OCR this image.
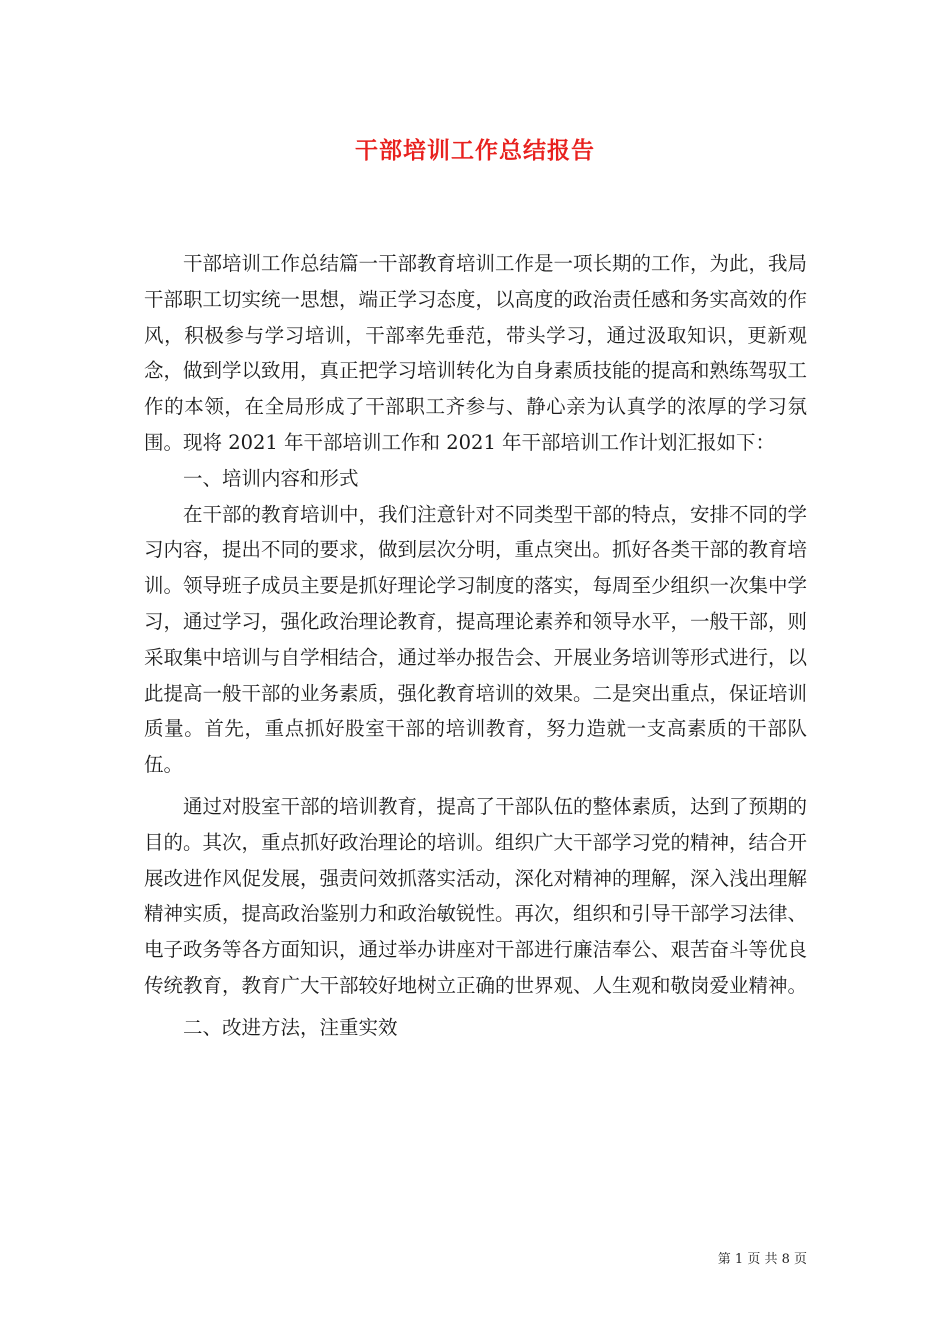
干部培训工作总结报告

干部培训工作总结篇一干部教育培训工作是一项长期的工作，为此，我局干部职工切实统一思想，端正学习态度，以高度的政治责任感和务实高效的作风，积极参与学习培训，干部率先垂范，带头学习，通过汲取知识，更新观念，做到学以致用，真正把学习培训转化为自身素质技能的提高和熟练驾驭工作的本领，在全局形成了干部职工齐参与、静心亲为认真学的浓厚的学习氛围。现将 2021 年干部培训工作和 2021 年干部培训工作计划汇报如下：

一、培训内容和形式

在干部的教育培训中，我们注意针对不同类型干部的特点，安排不同的学习内容，提出不同的要求，做到层次分明，重点突出。抓好各类干部的教育培训。领导班子成员主要是抓好理论学习制度的落实，每周至少组织一次集中学习，通过学习，强化政治理论教育，提高理论素养和领导水平，一般干部，则采取集中培训与自学相结合，通过举办报告会、开展业务培训等形式进行，以此提高一般干部的业务素质，强化教育培训的效果。二是突出重点，保证培训质量。首先，重点抓好股室干部的培训教育，努力造就一支高素质的干部队伍。

通过对股室干部的培训教育，提高了干部队伍的整体素质，达到了预期的目的。其次，重点抓好政治理论的培训。组织广大干部学习党的精神，结合开展改进作风促发展，强责问效抓落实活动，深化对精神的理解，深入浅出理解精神实质，提高政治鉴别力和政治敏锐性。再次，组织和引导干部学习法律、电子政务等各方面知识，通过举办讲座对干部进行廉洁奉公、艰苦奋斗等优良传统教育，教育广大干部较好地树立正确的世界观、人生观和敬岗爱业精神。

二、改进方法，注重实效

第 1 页 共 8 页
